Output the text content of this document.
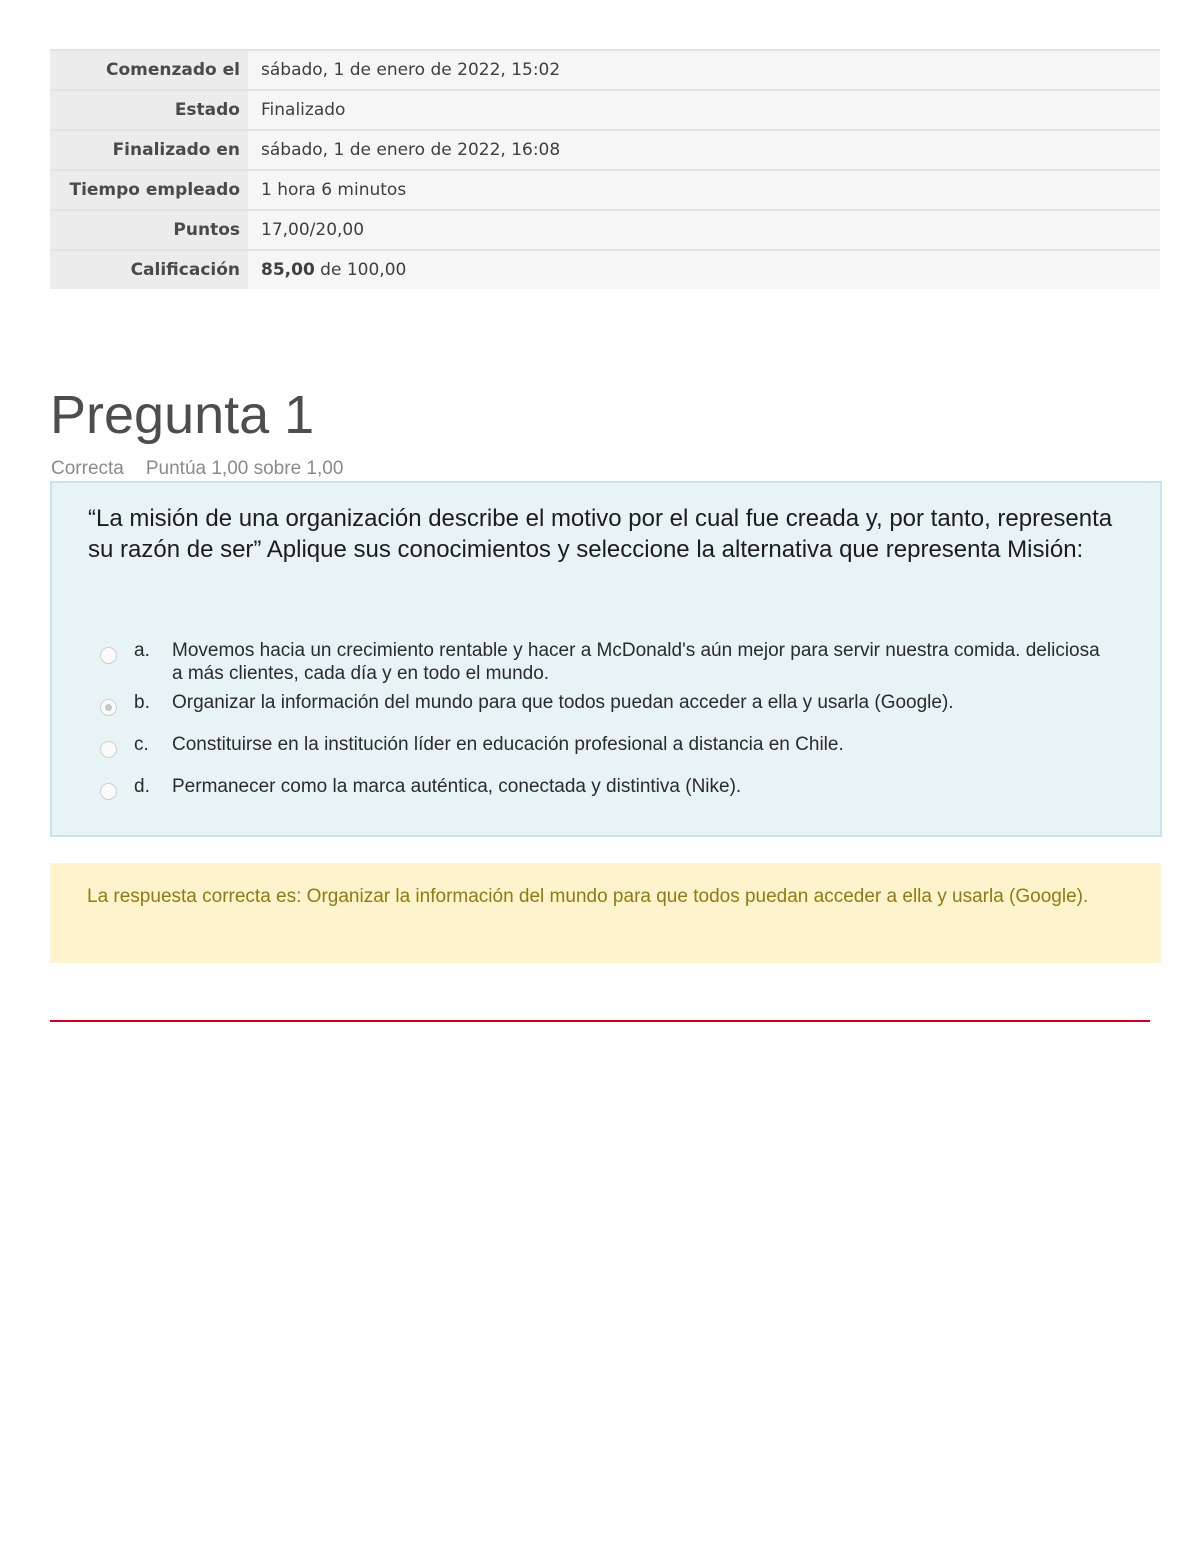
Comenzado el	sábado, 1 de enero de 2022, 15:02
Estado	Finalizado
Finalizado en	sábado, 1 de enero de 2022, 16:08
Tiempo empleado	1 hora 6 minutos
Puntos	17,00/20,00
Calificación	85,00 de 100,00
Pregunta 1
Correcta Puntúa 1,00 sobre 1,00

“La misión de una organización describe el motivo por el cual fue creada y, por tanto, representa su razón de ser” Aplique sus conocimientos y seleccione la alternativa que representa Misión:

a. Movemos hacia un crecimiento rentable y hacer a McDonald's aún mejor para servir nuestra comida. deliciosa a más clientes, cada día y en todo el mundo.
b. Organizar la información del mundo para que todos puedan acceder a ella y usarla (Google).
c. Constituirse en la institución líder en educación profesional a distancia en Chile.
d. Permanecer como la marca auténtica, conectada y distintiva (Nike).

La respuesta correcta es: Organizar la información del mundo para que todos puedan acceder a ella y usarla (Google).
